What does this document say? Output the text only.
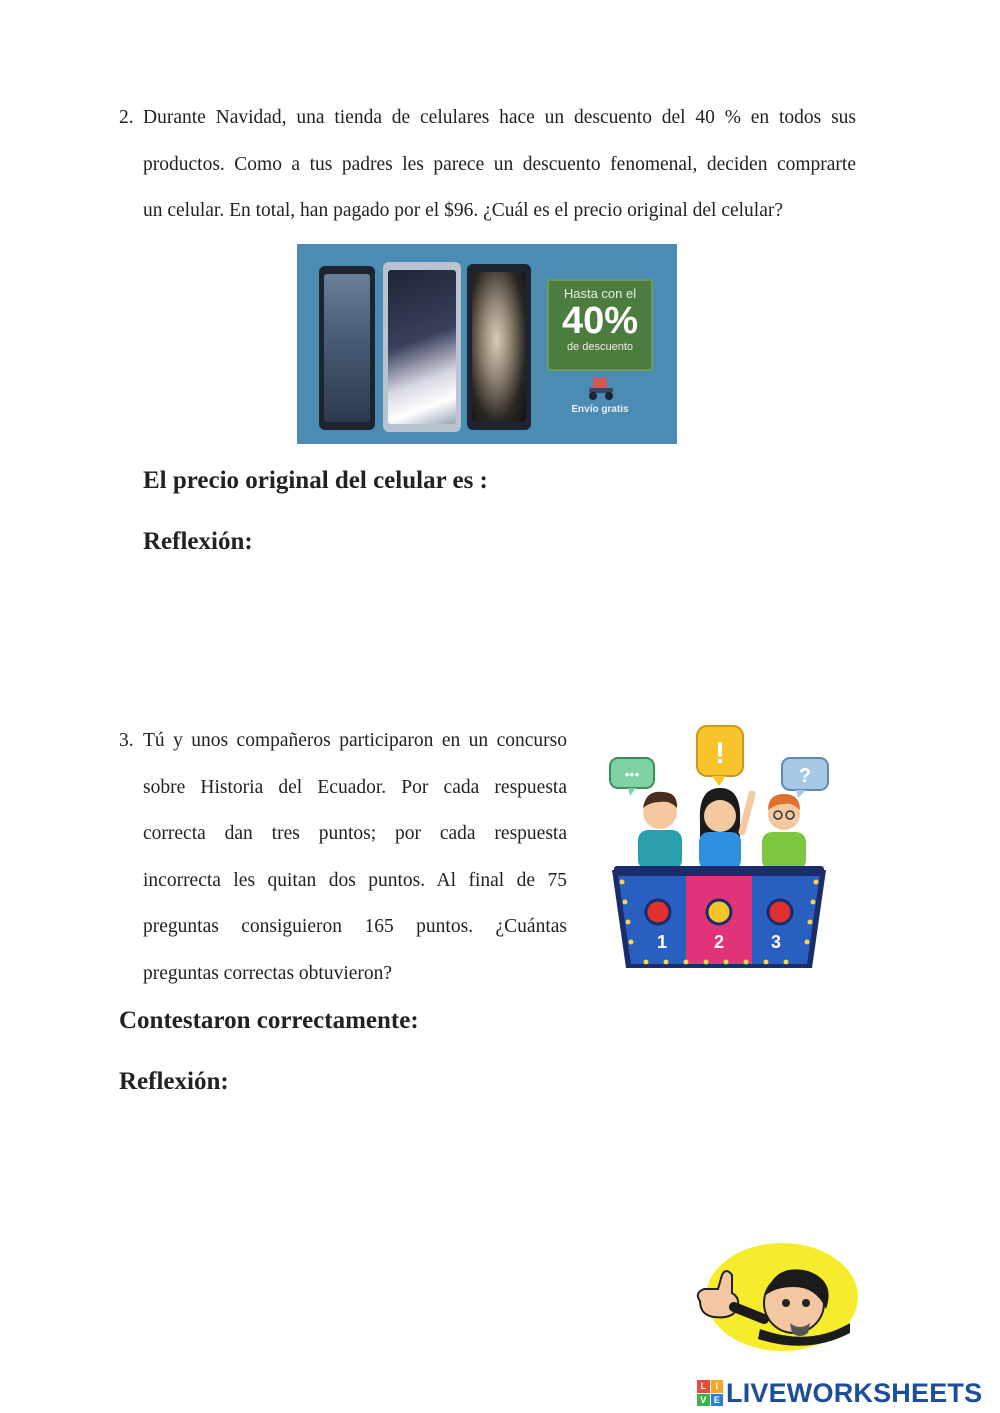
2. Durante Navidad, una tienda de celulares hace un descuento del 40 % en todos sus

productos. Como a tus padres les parece un descuento fenomenal, deciden comprarte

un celular. En total, han pagado por el $96. ¿Cuál es el precio original del celular?

Hasta con el
40%
de descuento
Envío gratis
El precio original del celular es :
Reflexión:
3. Tú y unos compañeros participaron en un concurso

sobre Historia del Ecuador. Por cada respuesta

correcta dan tres puntos; por cada respuesta

incorrecta les quitan dos puntos. Al final de 75

preguntas consiguieron 165 puntos. ¿Cuántas

preguntas correctas obtuvieron?

•••
!
?
1	2	3
Contestaron correctamente:
Reflexión:
L	I
V E LIVEWORKSHEETS
